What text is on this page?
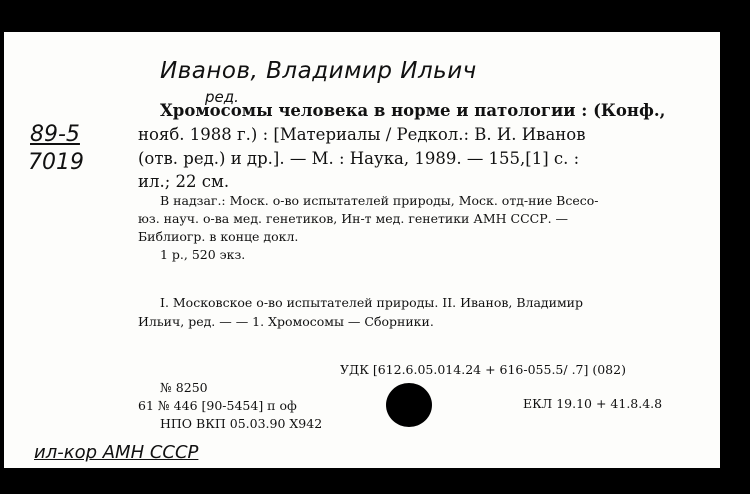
Иванов, Владимир Ильич
ред.
89-5
7019
ил-кор АМН СССР
Хромосомы человека в норме и патологии : (Конф.,
нояб. 1988 г.) : [Материалы / Редкол.: В. И. Иванов
(отв. ред.) и др.]. — М. : Наука, 1989. — 155,[1] с. :
ил.; 22 см.
В надзаг.: Моск. о-во испытателей природы, Моск. отд-ние Всесо-
юз. науч. о-ва мед. генетиков, Ин-т мед. генетики АМН СССР. —
Библиогр. в конце докл.
1 р., 520 экз.
I. Московское о-во испытателей природы. II. Иванов, Владимир
Ильич, ред. — — 1. Хромосомы — Сборники.
УДК [612.6.05.014.24 + 616-055.5/ .7] (082)
№ 8250
61 № 446 [90-5454] п оф
НПО ВКП 05.03.90 Х942
ЕКЛ 19.10 + 41.8.4.8
